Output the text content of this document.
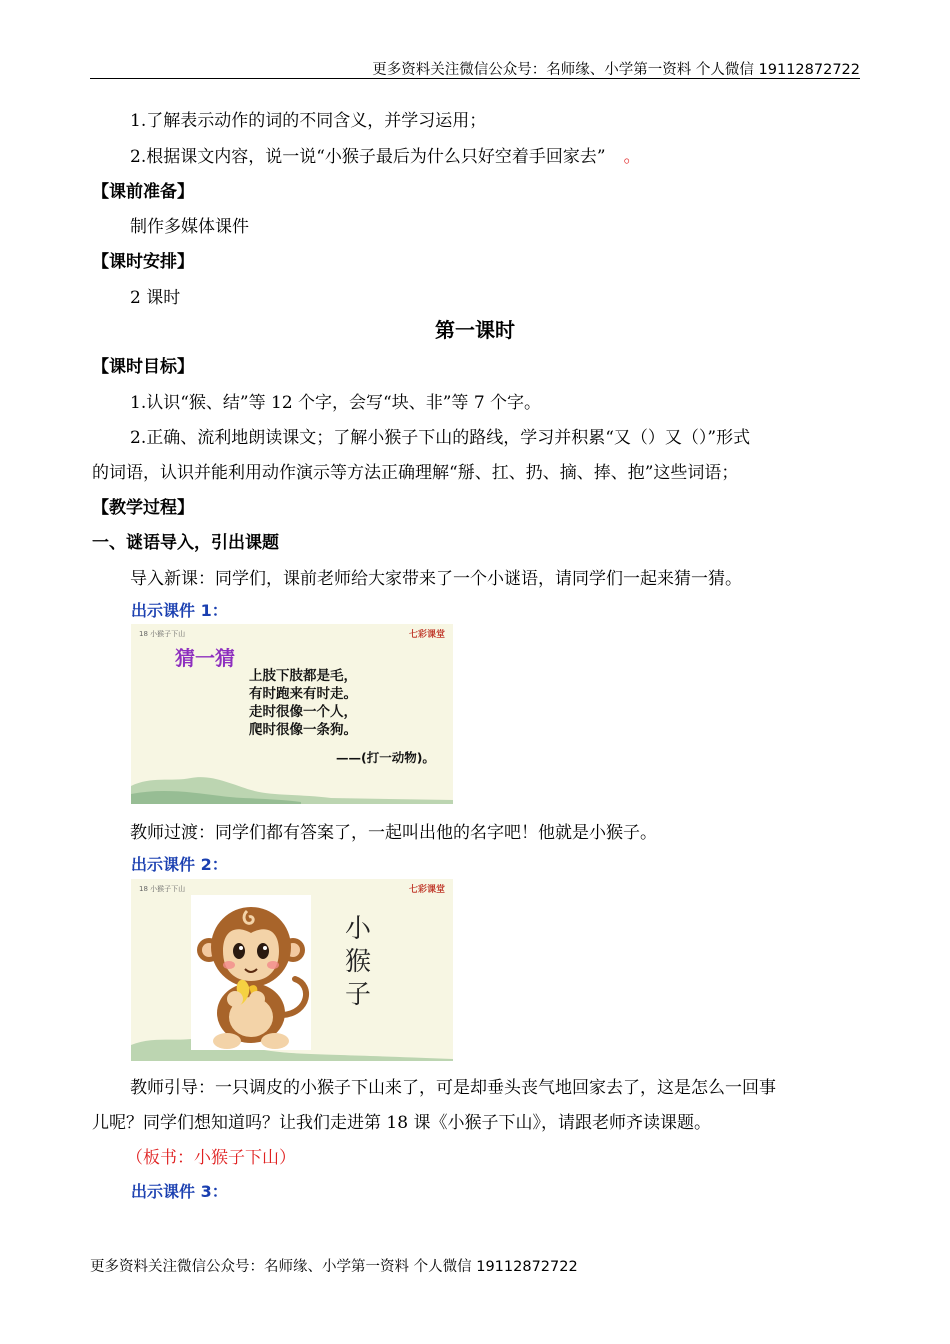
更多资料关注微信公众号：名师缘、小学第一资料 个人微信 19112872722
1.了解表示动作的词的不同含义，并学习运用；
2.根据课文内容，说一说“小猴子最后为什么只好空着手回家去” 。
【课前准备】
制作多媒体课件
【课时安排】
2 课时
第一课时
【课时目标】
1.认识“猴、结”等 12 个字，会写“块、非”等 7 个字。
2.正确、流利地朗读课文；了解小猴子下山的路线，学习并积累“又（）又（）”形式
的词语，认识并能利用动作演示等方法正确理解“掰、扛、扔、摘、捧、抱”这些词语；
【教学过程】
一、谜语导入，引出课题
导入新课：同学们，课前老师给大家带来了一个小谜语，请同学们一起来猜一猜。
出示课件 1：
18 小猴子下山	七彩课堂
猜一猜
上肢下肢都是毛，
有时跑来有时走。
走时很像一个人，
爬时很像一条狗。
——(打一动物)。
教师过渡：同学们都有答案了，一起叫出他的名字吧！他就是小猴子。
出示课件 2：
18 小猴子下山	七彩课堂
小
猴
子
教师引导：一只调皮的小猴子下山来了，可是却垂头丧气地回家去了，这是怎么一回事
儿呢？同学们想知道吗？让我们走进第 18 课《小猴子下山》，请跟老师齐读课题。
（板书：小猴子下山）
出示课件 3：
更多资料关注微信公众号：名师缘、小学第一资料 个人微信 19112872722
